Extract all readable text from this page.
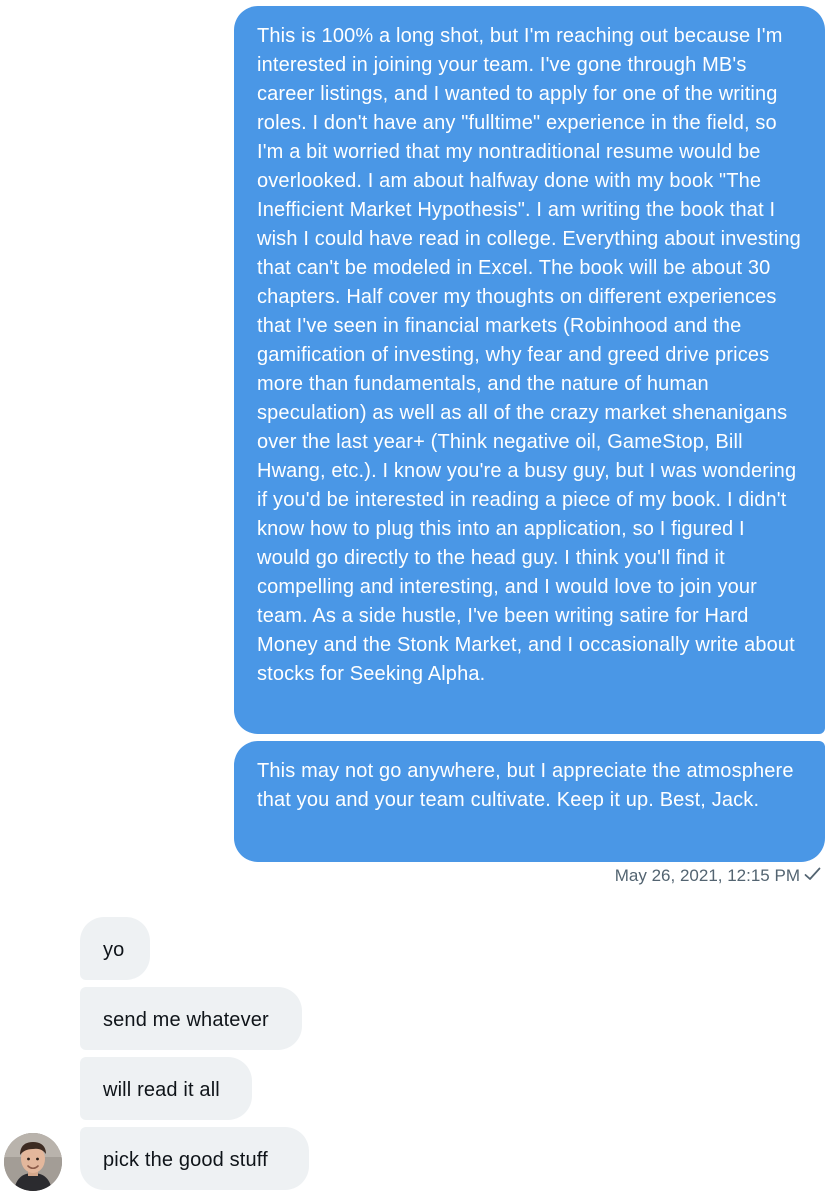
This is 100% a long shot, but I'm reaching out because I'm interested in joining your team. I've gone through MB's career listings, and I wanted to apply for one of the writing roles. I don't have any "fulltime" experience in the field, so I'm a bit worried that my nontraditional resume would be overlooked. I am about halfway done with my book "The Inefficient Market Hypothesis". I am writing the book that I wish I could have read in college. Everything about investing that can't be modeled in Excel. The book will be about 30 chapters. Half cover my thoughts on different experiences that I've seen in financial markets (Robinhood and the gamification of investing, why fear and greed drive prices more than fundamentals, and the nature of human speculation) as well as all of the crazy market shenanigans over the last year+ (Think negative oil, GameStop, Bill Hwang, etc.). I know you're a busy guy, but I was wondering if you'd be interested in reading a piece of my book. I didn't know how to plug this into an application, so I figured I would go directly to the head guy. I think you'll find it compelling and interesting, and I would love to join your team. As a side hustle, I've been writing satire for Hard Money and the Stonk Market, and I occasionally write about stocks for Seeking Alpha.
This may not go anywhere, but I appreciate the atmosphere that you and your team cultivate. Keep it up. Best, Jack.
May 26, 2021, 12:15 PM
yo
send me whatever
will read it all
pick the good stuff
